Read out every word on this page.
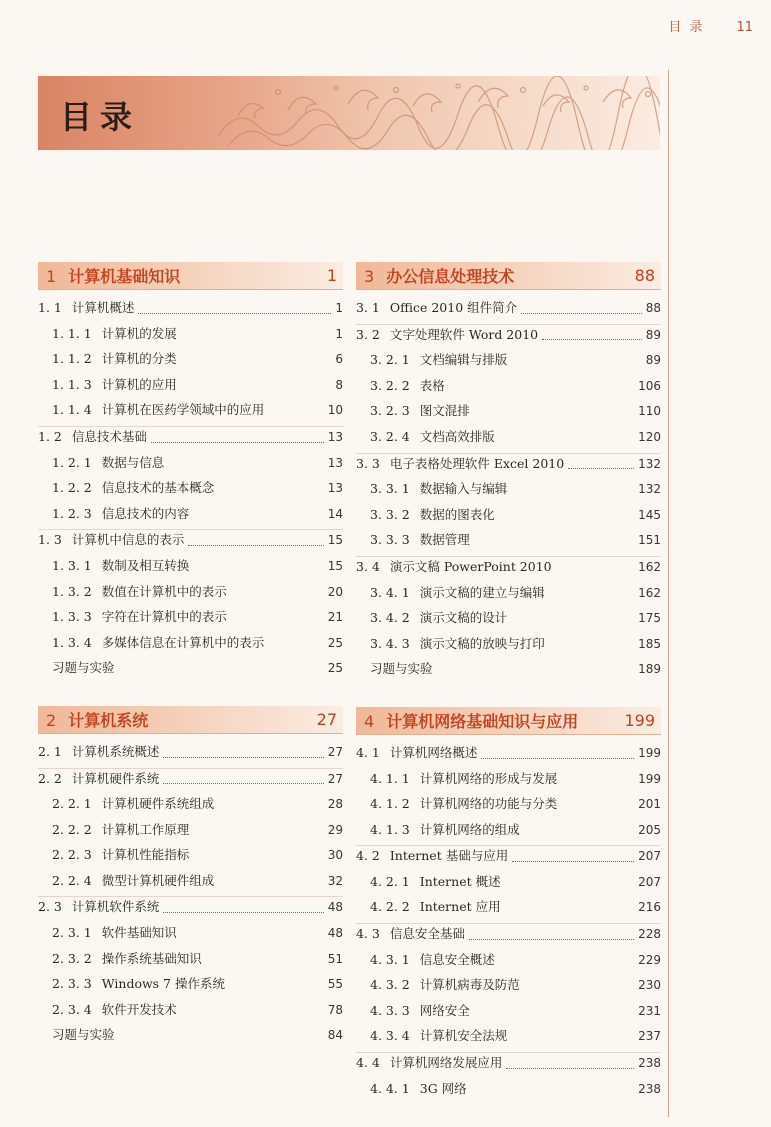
目 录 11
目录
1 计算机基础知识	1
1. 1 计算机概述	1
1. 1. 1 计算机的发展	1
1. 1. 2 计算机的分类	6
1. 1. 3 计算机的应用	8
1. 1. 4 计算机在医药学领域中的应用	10
1. 2 信息技术基础	13
1. 2. 1 数据与信息	13
1. 2. 2 信息技术的基本概念	13
1. 2. 3 信息技术的内容	14
1. 3 计算机中信息的表示	15
1. 3. 1 数制及相互转换	15
1. 3. 2 数值在计算机中的表示	20
1. 3. 3 字符在计算机中的表示	21
1. 3. 4 多媒体信息在计算机中的表示	25
习题与实验	25
2 计算机系统	27
2. 1 计算机系统概述	27
2. 2 计算机硬件系统	27
2. 2. 1 计算机硬件系统组成	28
2. 2. 2 计算机工作原理	29
2. 2. 3 计算机性能指标	30
2. 2. 4 微型计算机硬件组成	32
2. 3 计算机软件系统	48
2. 3. 1 软件基础知识	48
2. 3. 2 操作系统基础知识	51
2. 3. 3 Windows 7 操作系统	55
2. 3. 4 软件开发技术	78
习题与实验	84
3 办公信息处理技术	88
3. 1 Office 2010 组件简介	88
3. 2 文字处理软件 Word 2010	89
3. 2. 1 文档编辑与排版	89
3. 2. 2 表格	106
3. 2. 3 图文混排	110
3. 2. 4 文档高效排版	120
3. 3 电子表格处理软件 Excel 2010	132
3. 3. 1 数据输入与编辑	132
3. 3. 2 数据的图表化	145
3. 3. 3 数据管理	151
3. 4 演示文稿 PowerPoint 2010	162
3. 4. 1 演示文稿的建立与编辑	162
3. 4. 2 演示文稿的设计	175
3. 4. 3 演示文稿的放映与打印	185
习题与实验	189
4 计算机网络基础知识与应用	199
4. 1 计算机网络概述	199
4. 1. 1 计算机网络的形成与发展	199
4. 1. 2 计算机网络的功能与分类	201
4. 1. 3 计算机网络的组成	205
4. 2 Internet 基础与应用	207
4. 2. 1 Internet 概述	207
4. 2. 2 Internet 应用	216
4. 3 信息安全基础	228
4. 3. 1 信息安全概述	229
4. 3. 2 计算机病毒及防范	230
4. 3. 3 网络安全	231
4. 3. 4 计算机安全法规	237
4. 4 计算机网络发展应用	238
4. 4. 1 3G 网络	238
